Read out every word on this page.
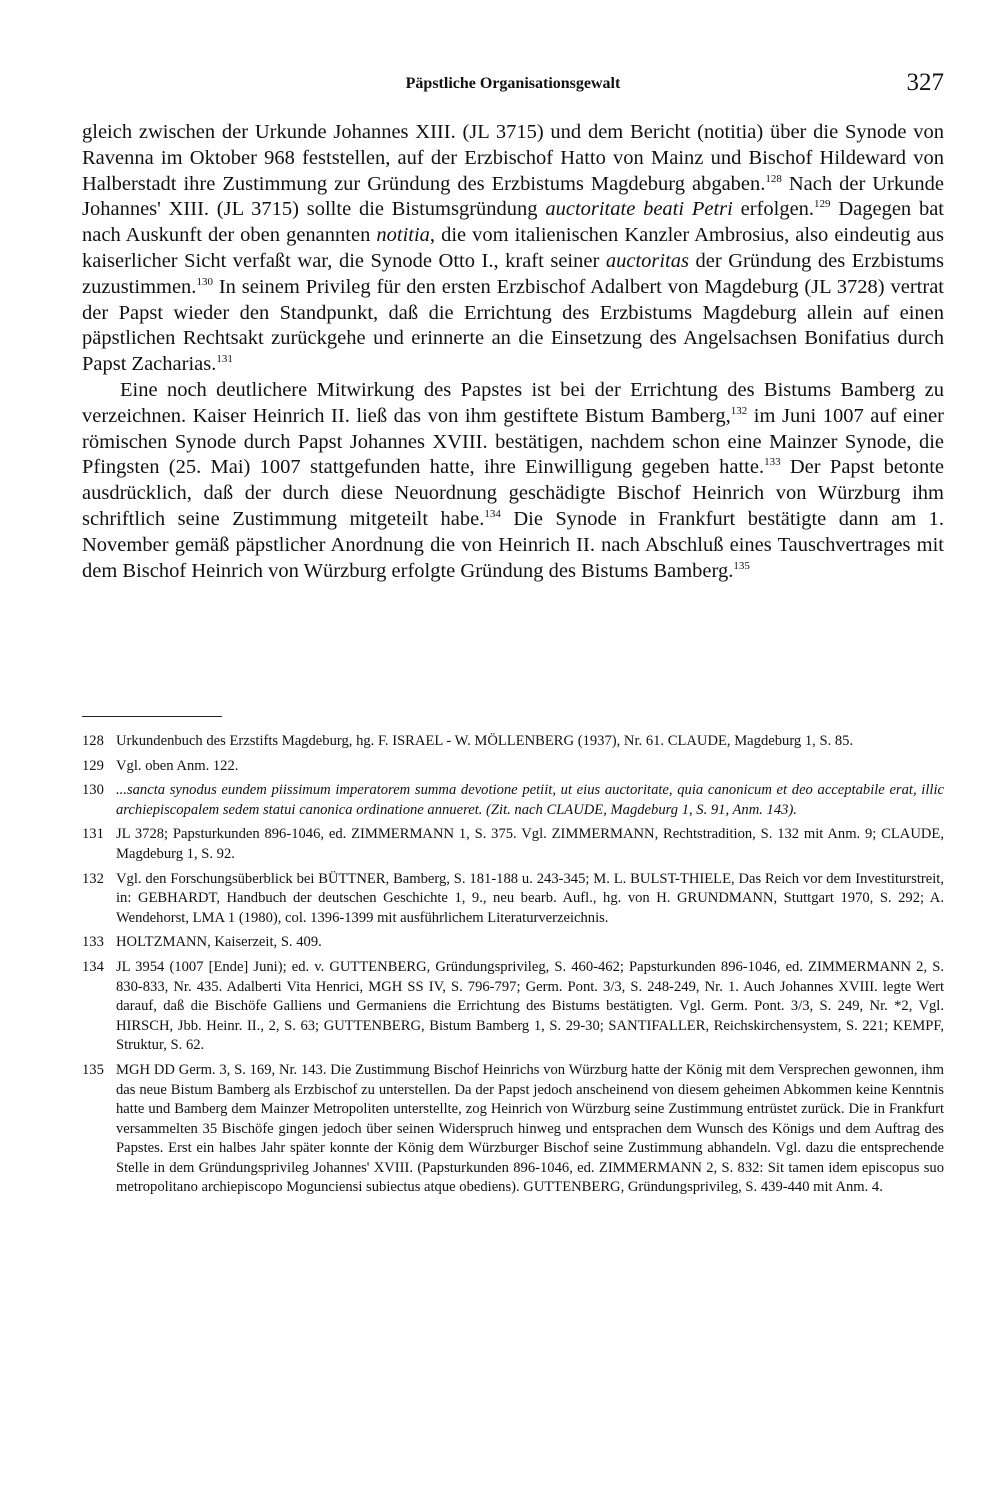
Päpstliche Organisationsgewalt	327

gleich zwischen der Urkunde Johannes XIII. (JL 3715) und dem Bericht (notitia) über die Synode von Ravenna im Oktober 968 feststellen, auf der Erzbischof Hatto von Mainz und Bischof Hildeward von Halberstadt ihre Zustimmung zur Gründung des Erzbistums Magdeburg abgaben.$^{128}$ Nach der Urkunde Johannes' XIII. (JL 3715) sollte die Bistumsgründung auctoritate beati Petri erfolgen.$^{129}$ Dagegen bat nach Auskunft der oben genannten notitia, die vom italienischen Kanzler Ambrosius, also eindeutig aus kaiserlicher Sicht verfaßt war, die Synode Otto I., kraft seiner auctoritas der Gründung des Erzbistums zuzustimmen.$^{130}$ In seinem Privileg für den ersten Erzbischof Adalbert von Magdeburg (JL 3728) vertrat der Papst wieder den Standpunkt, daß die Errichtung des Erzbistums Magdeburg allein auf einen päpstlichen Rechtsakt zurückgehe und erinnerte an die Einsetzung des Angelsachsen Bonifatius durch Papst Zacharias.$^{131}$

Eine noch deutlichere Mitwirkung des Papstes ist bei der Errichtung des Bistums Bamberg zu verzeichnen. Kaiser Heinrich II. ließ das von ihm gestiftete Bistum Bamberg,$^{132}$ im Juni 1007 auf einer römischen Synode durch Papst Johannes XVIII. bestätigen, nachdem schon eine Mainzer Synode, die Pfingsten (25. Mai) 1007 stattgefunden hatte, ihre Einwilligung gegeben hatte.$^{133}$ Der Papst betonte ausdrücklich, daß der durch diese Neuordnung geschädigte Bischof Heinrich von Würzburg ihm schriftlich seine Zustimmung mitgeteilt habe.$^{134}$ Die Synode in Frankfurt bestätigte dann am 1. November gemäß päpstlicher Anordnung die von Heinrich II. nach Abschluß eines Tauschvertrages mit dem Bischof Heinrich von Würzburg erfolgte Gründung des Bistums Bamberg.$^{135}$

128 Urkundenbuch des Erzstifts Magdeburg, hg. F. ISRAEL - W. MÖLLENBERG (1937), Nr. 61. CLAUDE, Magdeburg 1, S. 85.
129 Vgl. oben Anm. 122.
130 ...sancta synodus eundem piissimum imperatorem summa devotione petiit, ut eius auctoritate, quia canonicum et deo acceptabile erat, illic archiepiscopalem sedem statui canonica ordinatione annueret. (Zit. nach CLAUDE, Magdeburg 1, S. 91, Anm. 143).
131 JL 3728; Papsturkunden 896-1046, ed. ZIMMERMANN 1, S. 375. Vgl. ZIMMERMANN, Rechtstradition, S. 132 mit Anm. 9; CLAUDE, Magdeburg 1, S. 92.
132 Vgl. den Forschungsüberblick bei BÜTTNER, Bamberg, S. 181-188 u. 243-345; M. L. BULST-THIELE, Das Reich vor dem Investiturstreit, in: GEBHARDT, Handbuch der deutschen Geschichte 1, 9., neu bearb. Aufl., hg. von H. GRUNDMANN, Stuttgart 1970, S. 292; A. Wendehorst, LMA 1 (1980), col. 1396-1399 mit ausführlichem Literaturverzeichnis.
133 HOLTZMANN, Kaiserzeit, S. 409.
134 JL 3954 (1007 [Ende] Juni); ed. v. GUTTENBERG, Gründungsprivileg, S. 460-462; Papsturkunden 896-1046, ed. ZIMMERMANN 2, S. 830-833, Nr. 435. Adalberti Vita Henrici, MGH SS IV, S. 796-797; Germ. Pont. 3/3, S. 248-249, Nr. 1. Auch Johannes XVIII. legte Wert darauf, daß die Bischöfe Galliens und Germaniens die Errichtung des Bistums bestätigten. Vgl. Germ. Pont. 3/3, S. 249, Nr. *2, Vgl. HIRSCH, Jbb. Heinr. II., 2, S. 63; GUTTENBERG, Bistum Bamberg 1, S. 29-30; SANTIFALLER, Reichskirchensystem, S. 221; KEMPF, Struktur, S. 62.
135 MGH DD Germ. 3, S. 169, Nr. 143. Die Zustimmung Bischof Heinrichs von Würzburg hatte der König mit dem Versprechen gewonnen, ihm das neue Bistum Bamberg als Erzbischof zu unterstellen. Da der Papst jedoch anscheinend von diesem geheimen Abkommen keine Kenntnis hatte und Bamberg dem Mainzer Metropoliten unterstellte, zog Heinrich von Würzburg seine Zustimmung entrüstet zurück. Die in Frankfurt versammelten 35 Bischöfe gingen jedoch über seinen Widerspruch hinweg und entsprachen dem Wunsch des Königs und dem Auftrag des Papstes. Erst ein halbes Jahr später konnte der König dem Würzburger Bischof seine Zustimmung abhandeln. Vgl. dazu die entsprechende Stelle in dem Gründungsprivileg Johannes' XVIII. (Papsturkunden 896-1046, ed. ZIMMERMANN 2, S. 832: Sit tamen idem episcopus suo metropolitano archiepiscopo Mogunciensi subiectus atque obediens). GUTTENBERG, Gründungsprivileg, S. 439-440 mit Anm. 4.
